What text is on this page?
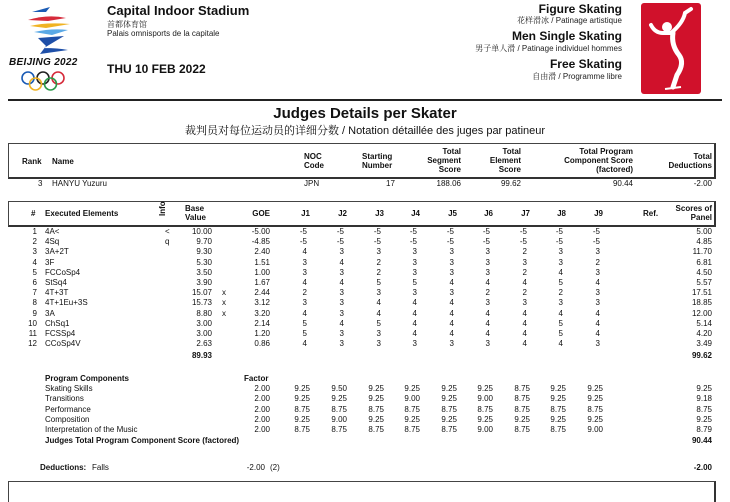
BEIJING 2022
Capital Indoor Stadium
首都体育馆
Palais omnisports de la capitale
THU 10 FEB 2022
Figure Skating
花样滑冰 / Patinage artistique
Men Single Skating
男子单人滑 / Patinage individuel hommes
Free Skating
自由滑 / Programme libre
Judges Details per Skater
裁判员对每位运动员的详细分数 / Notation détaillée des juges par patineur
Rank Name
NOC
Code
Starting
Number
Total
Segment
Score
Total
Element
Score
Total Program
Component Score
(factored)
Total
Deductions
3 HANYU Yuzuru	JPN	17	188.06	99.62	90.44	-2.00
# Executed Elements	Info Base
Value	GOE	J1	J2	J3	J4	J5	J6	J7	J8	J9	Ref.
Scores of
Panel
1 4A<	<	10.00	-5.00	-5	-5	-5	-5	-5	-5	-5	-5	-5	5.00
2 4Sq	q	9.70	-4.85	-5	-5	-5	-5	-5	-5	-5	-5	-5	4.85
3 3A+2T	9.30	2.40	4	3	3	3	3	3	2	3	3	11.70
4 3F	5.30	1.51	3	4	2	3	3	3	3	3	2	6.81
5 FCCoSp4	3.50	1.00	3	3	2	3	3	3	2	4	3	4.50
6 StSq4	3.90	1.67	4	4	5	5	4	4	4	5	4	5.57
7 4T+3T	15.07 x	2.44	2	3	3	3	3	2	2	2	3	17.51
8 4T+1Eu+3S	15.73 x	3.12	3	3	4	4	4	3	3	3	3	18.85
9 3A	8.80 x	3.20	4	3	4	4	4	4	4	4	4	12.00
10 ChSq1	3.00	2.14	5	4	5	4	4	4	4	5	4	5.14
11 FCSSp4	3.00	1.20	5	3	3	4	4	4	4	5	4	4.20
12 CCoSp4V	2.63	0.86	4	3	3	3	3	3	4	4	3	3.49
89.93	99.62
Program Components	Factor
Skating Skills	2.00	9.25	9.50	9.25	9.25	9.25	9.25	8.75	9.25	9.25	9.25
Transitions	2.00	9.25	9.25	9.25	9.00	9.25	9.00	8.75	9.25	9.25	9.18
Performance	2.00	8.75	8.75	8.75	8.75	8.75	8.75	8.75	8.75	8.75	8.75
Composition	2.00	9.25	9.00	9.25	9.25	9.25	9.25	9.25	9.25	9.25	9.25
Interpretation of the Music	2.00	8.75	8.75	8.75	8.75	8.75	9.00	8.75	8.75	9.00	8.79
Judges Total Program Component Score (factored)	90.44
Deductions: Falls	-2.00 (2)	-2.00
